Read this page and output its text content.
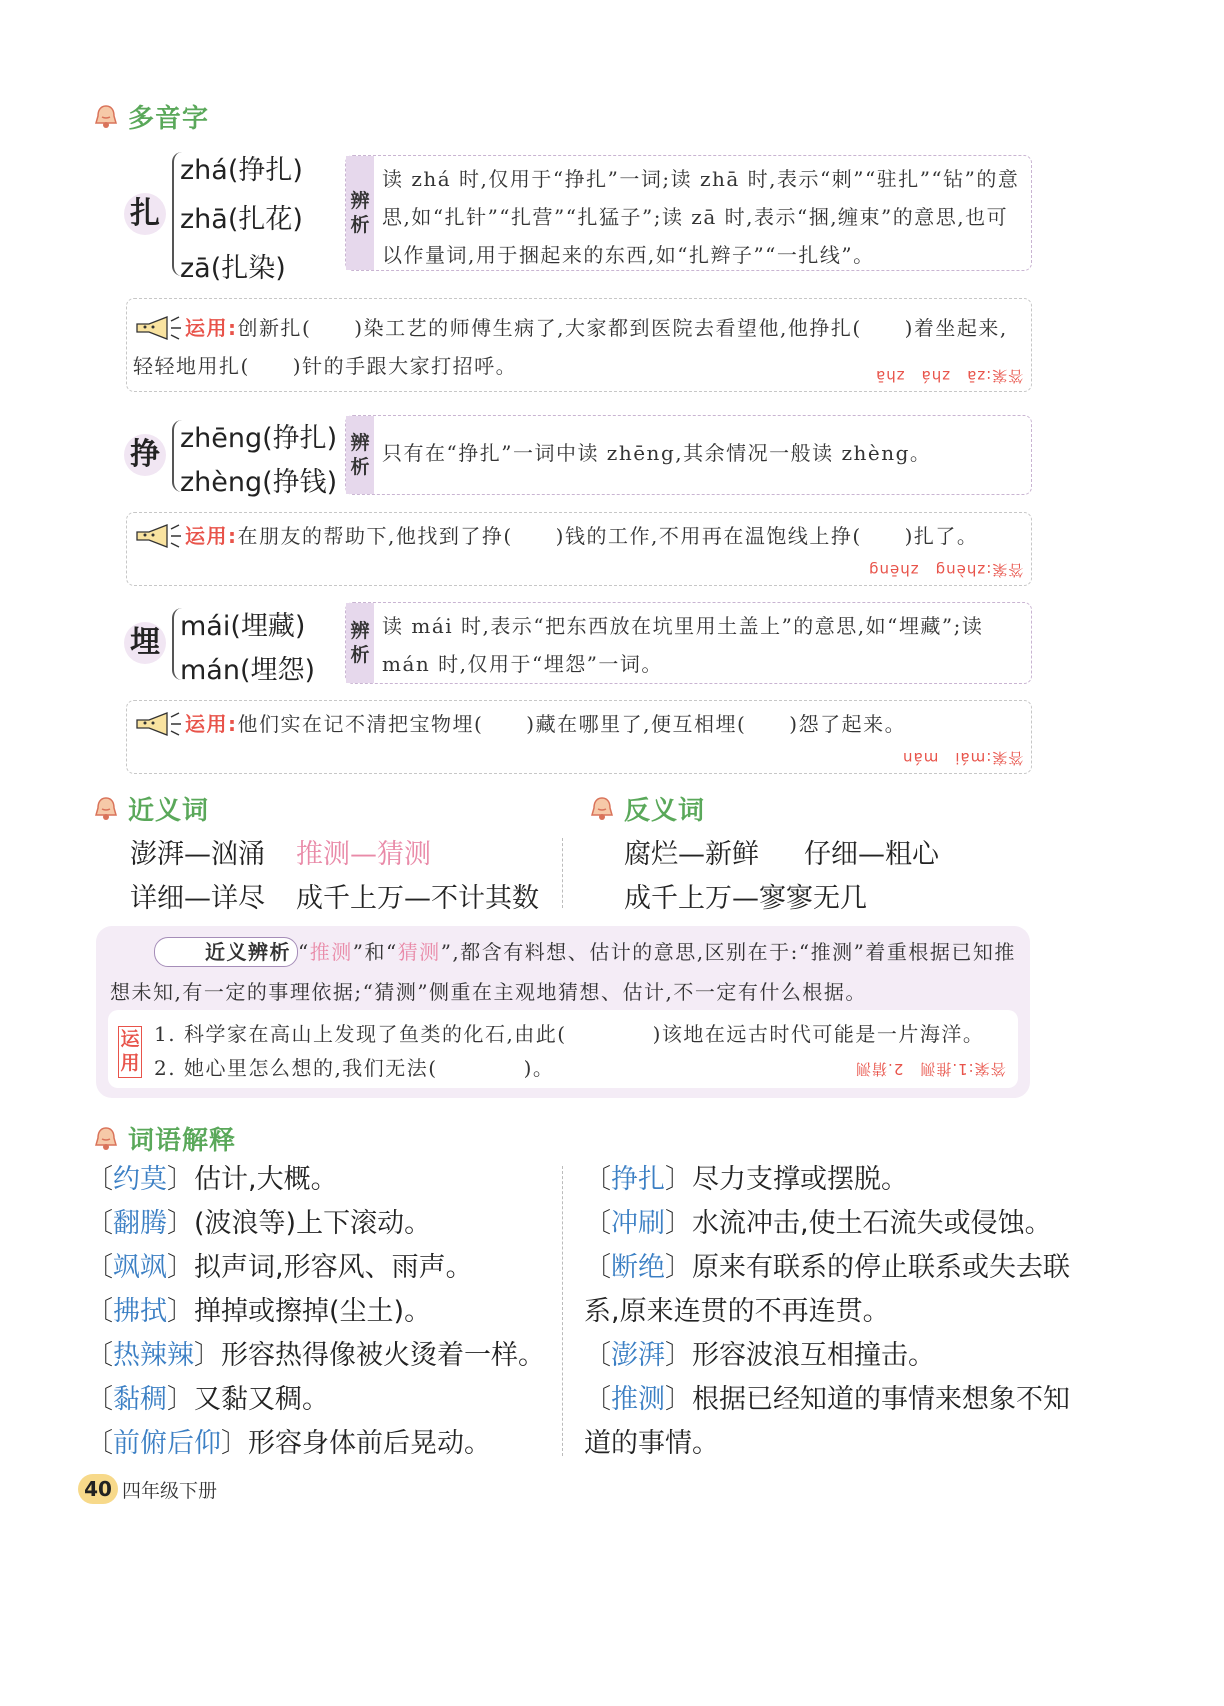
多音字
扎
zhá(挣扎)
zhā(扎花)
zā(扎染)
辨
析
读 zhá 时,仅用于“挣扎”一词;读 zhā 时,表示“刺”“驻扎”“钻”的意思,如“扎针”“扎营”“扎猛子”;读 zā 时,表示“捆,缠束”的意思,也可以作量词,用于捆起来的东西,如“扎辫子”“一扎线”。
运用:创新扎(　　)染工艺的师傅生病了,大家都到医院去看望他,他挣扎(　　)着坐起来,轻轻地用扎(　　)针的手跟大家打招呼。	答案:zā　zhá　zhā
挣 zhēng(挣扎)
zhèng(挣钱)
辨
析
只有在“挣扎”一词中读 zhēng,其余情况一般读 zhèng。
运用:在朋友的帮助下,他找到了挣(　　)钱的工作,不用再在温饱线上挣(　　)扎了。
答案:zhèng　zhēng
埋 mái(埋藏)
mán(埋怨)
辨
析
读 mái 时,表示“把东西放在坑里用土盖上”的意思,如“埋藏”;读 mán 时,仅用于“埋怨”一词。
运用:他们实在记不清把宝物埋(　　)藏在哪里了,便互相埋(　　)怨了起来。
答案:mái　mán
近义词	反义词
澎湃—汹涌 推测—猜测
详细—详尽 成千上万—不计其数
腐烂—新鲜 仔细—粗心
成千上万—寥寥无几
近义辨析 “推测”和“猜测”,都含有料想、估计的意思,区别在于:“推测”着重根据已知推想未知,有一定的事理依据;“猜测”侧重在主观地猜想、估计,不一定有什么根据。
运用
1. 科学家在高山上发现了鱼类的化石,由此(　　　　)该地在远古时代可能是一片海洋。
2. 她心里怎么想的,我们无法(　　　　)。	答案:1.推测　2.猜测
词语解释
〔约莫〕估计,大概。
〔翻腾〕(波浪等)上下滚动。
〔飒飒〕拟声词,形容风、雨声。
〔拂拭〕掸掉或擦掉(尘土)。
〔热辣辣〕形容热得像被火烫着一样。
〔黏稠〕又黏又稠。
〔前俯后仰〕形容身体前后晃动。
〔挣扎〕尽力支撑或摆脱。
〔冲刷〕水流冲击,使土石流失或侵蚀。
〔断绝〕原来有联系的停止联系或失去联
系,原来连贯的不再连贯。
〔澎湃〕形容波浪互相撞击。
〔推测〕根据已经知道的事情来想象不知
道的事情。
40 四年级下册
